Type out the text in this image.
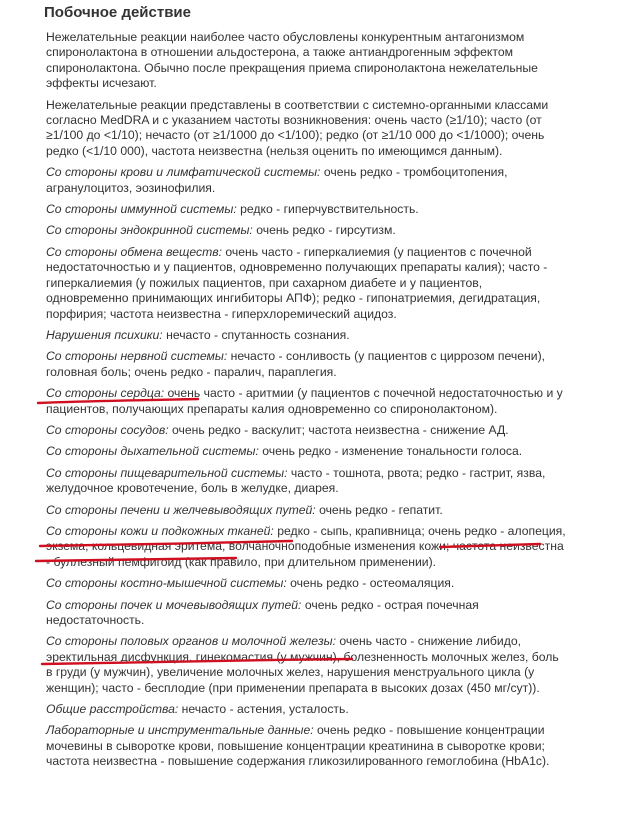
Побочное действие

Нежелательные реакции наиболее часто обусловлены конкурентным антагонизмом спиронолактона в отношении альдостерона, а также антиандрогенным эффектом спиронолактона. Обычно после прекращения приема спиронолактона нежелательные эффекты исчезают.

Нежелательные реакции представлены в соответствии с системно-органными классами согласно MedDRA и с указанием частоты возникновения: очень часто (≥1/10); часто (от ≥1/100 до <1/10); нечасто (от ≥1/1000 до <1/100); редко (от ≥1/10 000 до <1/1000); очень редко (<1/10 000), частота неизвестна (нельзя оценить по имеющимся данным).

Со стороны крови и лимфатической системы: очень редко - тромбоцитопения, агранулоцитоз, эозинофилия.

Со стороны иммунной системы: редко - гиперчувствительность.

Со стороны эндокринной системы: очень редко - гирсутизм.

Со стороны обмена веществ: очень часто - гиперкалиемия (у пациентов с почечной недостаточностью и у пациентов, одновременно получающих препараты калия); часто - гиперкалиемия (у пожилых пациентов, при сахарном диабете и у пациентов, одновременно принимающих ингибиторы АПФ); редко - гипонатриемия, дегидратация, порфирия; частота неизвестна - гиперхлоремический ацидоз.

Нарушения психики: нечасто - спутанность сознания.

Со стороны нервной системы: нечасто - сонливость (у пациентов с циррозом печени), головная боль; очень редко - паралич, параплегия.

Со стороны сердца: очень часто - аритмии (у пациентов с почечной недостаточностью и у пациентов, получающих препараты калия одновременно со спиронолактоном).

Со стороны сосудов: очень редко - васкулит; частота неизвестна - снижение АД.

Со стороны дыхательной системы: очень редко - изменение тональности голоса.

Со стороны пищеварительной системы: часто - тошнота, рвота; редко - гастрит, язва, желудочное кровотечение, боль в желудке, диарея.

Со стороны печени и желчевыводящих путей: очень редко - гепатит.

Со стороны кожи и подкожных тканей: редко - сыпь, крапивница; очень редко - алопеция, экзема, кольцевидная эритема, волчаночноподобные изменения кожи; частота неизвестна - буллезный пемфигоид (как правило, при длительном применении).

Со стороны костно-мышечной системы: очень редко - остеомаляция.

Со стороны почек и мочевыводящих путей: очень редко - острая почечная недостаточность.

Со стороны половых органов и молочной железы: очень часто - снижение либидо, эректильная дисфункция, гинекомастия (у мужчин), болезненность молочных желез, боль в груди (у мужчин), увеличение молочных желез, нарушения менструального цикла (у женщин); часто - бесплодие (при применении препарата в высоких дозах (450 мг/сут)).

Общие расстройства: нечасто - астения, усталость.

Лабораторные и инструментальные данные: очень редко - повышение концентрации мочевины в сыворотке крови, повышение концентрации креатинина в сыворотке крови; частота неизвестна - повышение содержания гликозилированного гемоглобина (HbA1c).
